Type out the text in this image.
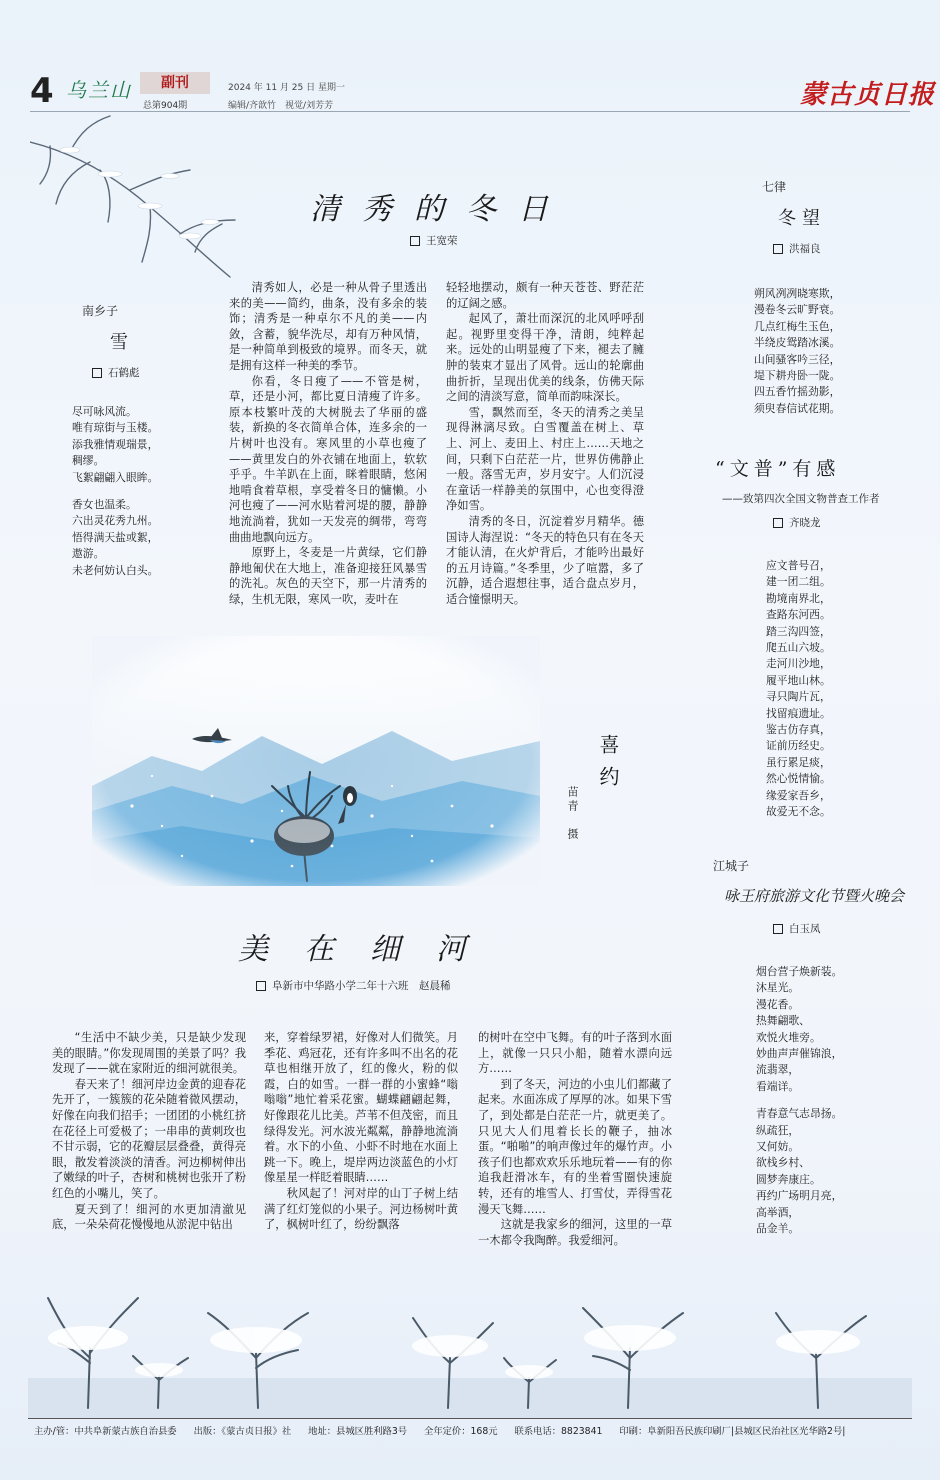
4 乌兰山	副刊
总第904期
2024 年 11 月 25 日 星期一
编辑/齐歆竹　视觉/刘芳芳	蒙古贞日报
清秀的冬日
王宽荣

清秀如人，必是一种从骨子里透出来的美——简约，曲条，没有多余的装饰；清秀是一种卓尔不凡的美——内敛，含蓄，貌华洗尽，却有万种风情，是一种简单到极致的境界。而冬天，就是拥有这样一种美的季节。

你看，冬日瘦了——不管是树，草，还是小河，都比夏日清瘦了许多。原本枝繁叶茂的大树脱去了华丽的盛装，新换的冬衣简单合体，连多余的一片树叶也没有。寒风里的小草也瘦了——黄里发白的外衣铺在地面上，软软乎乎。牛羊趴在上面，眯着眼睛，悠闲地啃食着草根，享受着冬日的慵懒。小河也瘦了——河水贴着河堤的腰，静静地流淌着，犹如一天发亮的绸带，弯弯曲曲地飘向远方。

原野上，冬麦是一片黄绿，它们静静地匍伏在大地上，准备迎接狂风暴雪的洗礼。灰色的天空下，那一片清秀的绿，生机无限，寒风一吹，麦叶在

轻轻地摆动，颇有一种天苍苍、野茫茫的辽阔之感。

起风了，萧壮而深沉的北风呼呼刮起。视野里变得干净，清朗，纯粹起来。远处的山明显瘦了下来，褪去了臃肿的装束才显出了风骨。远山的轮廓曲曲折折，呈现出优美的线条，仿佛天际之间的清淡写意，简单而韵味深长。

雪，飘然而至，冬天的清秀之美呈现得淋漓尽致。白雪覆盖在树上、草上、河上、麦田上、村庄上……天地之间，只剩下白茫茫一片，世界仿佛静止一般。落雪无声，岁月安宁。人们沉浸在童话一样静美的氛围中，心也变得澄净如雪。

清秀的冬日，沉淀着岁月精华。德国诗人海涅说：“冬天的特色只有在冬天才能认清，在火炉背后，才能吟出最好的五月诗篇。”冬季里，少了喧嚣，多了沉静，适合遐想往事，适合盘点岁月，适合憧憬明天。

南乡子
雪
石鹤彪
尽可咏风流。
唯有琼街与玉楼。
添我雅情观瑞景，
稠缪。
飞絮翩翩入眼眸。
香女也温柔。
六出灵花秀九州。
悟得满天盐或絮，
遨游。
未老何妨认白头。
七律
冬望
洪福良
朔风冽冽晓寒欺，
漫卷冬云旷野衰。
几点红梅生玉色，
半绕皮鸳踏冰溪。
山间骚客吟三径，
堤下耕舟卧一陇。
四五香竹摇劲影，
须臾春信试花期。
“文普”有感
——致第四次全国文物普查工作者
齐晓龙
应文普号召，
建一团二组。
勘境南界北，
查路东河西。
踏三沟四签，
爬五山六坡。
走河川沙地，
履平地山林。
寻只陶片瓦，
找留痕遗址。
鉴古仿存真，
证前历经史。
虽行累足痰，
然心悦情愉。
缘爱家吾乡，
故爱无不念。
喜约
苗青　摄
江城子
咏王府旅游文化节暨火晚会
白玉凤
烟台营子焕新装。
沐星光。
漫花香。
热舞翩歌、
欢悦火堆旁。
妙曲声声催锦浪，
流翡翠，
看端详。
青春意气志昂扬。
纵疏狂，
又何妨。
欲栈乡村、
圆梦奔康庄。
再约广场明月亮，
高举酒，
品金羊。
美在细河
阜新市中华路小学二年十六班　赵晨稀

“生活中不缺少美，只是缺少发现美的眼睛。”你发现周围的美景了吗？我发现了——就在家附近的细河就很美。

春天来了！细河岸边金黄的迎春花先开了，一簇簇的花朵随着微风摆动，好像在向我们招手；一团团的小桃红挤在花径上可爱极了；一串串的黄刺玫也不甘示弱，它的花瓣层层叠叠，黄得亮眼，散发着淡淡的清香。河边柳树伸出了嫩绿的叶子，杏树和桃树也张开了粉红色的小嘴儿，笑了。

夏天到了！细河的水更加清澈见底，一朵朵荷花慢慢地从淤泥中钻出

来，穿着绿罗裙，好像对人们微笑。月季花、鸡冠花，还有许多叫不出名的花草也相继开放了，红的像火，粉的似霞，白的如雪。一群一群的小蜜蜂“嗡嗡嗡”地忙着采花蜜。蝴蝶翩翩起舞，好像跟花儿比美。芦苇不但茂密，而且绿得发光。河水波光粼粼，静静地流淌着。水下的小鱼、小虾不时地在水面上跳一下。晚上，堤岸两边淡蓝色的小灯像星星一样眨着眼睛……

秋风起了！河对岸的山丁子树上结满了红灯笼似的小果子。河边杨树叶黄了，枫树叶红了，纷纷飘落

的树叶在空中飞舞。有的叶子落到水面上，就像一只只小船，随着水漂向远方……

到了冬天，河边的小虫儿们都藏了起来。水面冻成了厚厚的冰。如果下雪了，到处都是白茫茫一片，就更美了。只见大人们甩着长长的鞭子，抽冰蛋。“啪啪”的响声像过年的爆竹声。小孩子们也都欢欢乐乐地玩着——有的你追我赶滑冰车，有的坐着雪圈快速旋转，还有的堆雪人、打雪仗，弄得雪花漫天飞舞……

这就是我家乡的细河，这里的一草一木都令我陶醉。我爱细河。

主办/管：中共阜新蒙古族自治县委 出版：《蒙古贞日报》社 地址：县城区胜利路3号 全年定价：168元 联系电话：8823841 印刷：阜新阳吾民族印刷厂|县城区民治社区光华路2号|
